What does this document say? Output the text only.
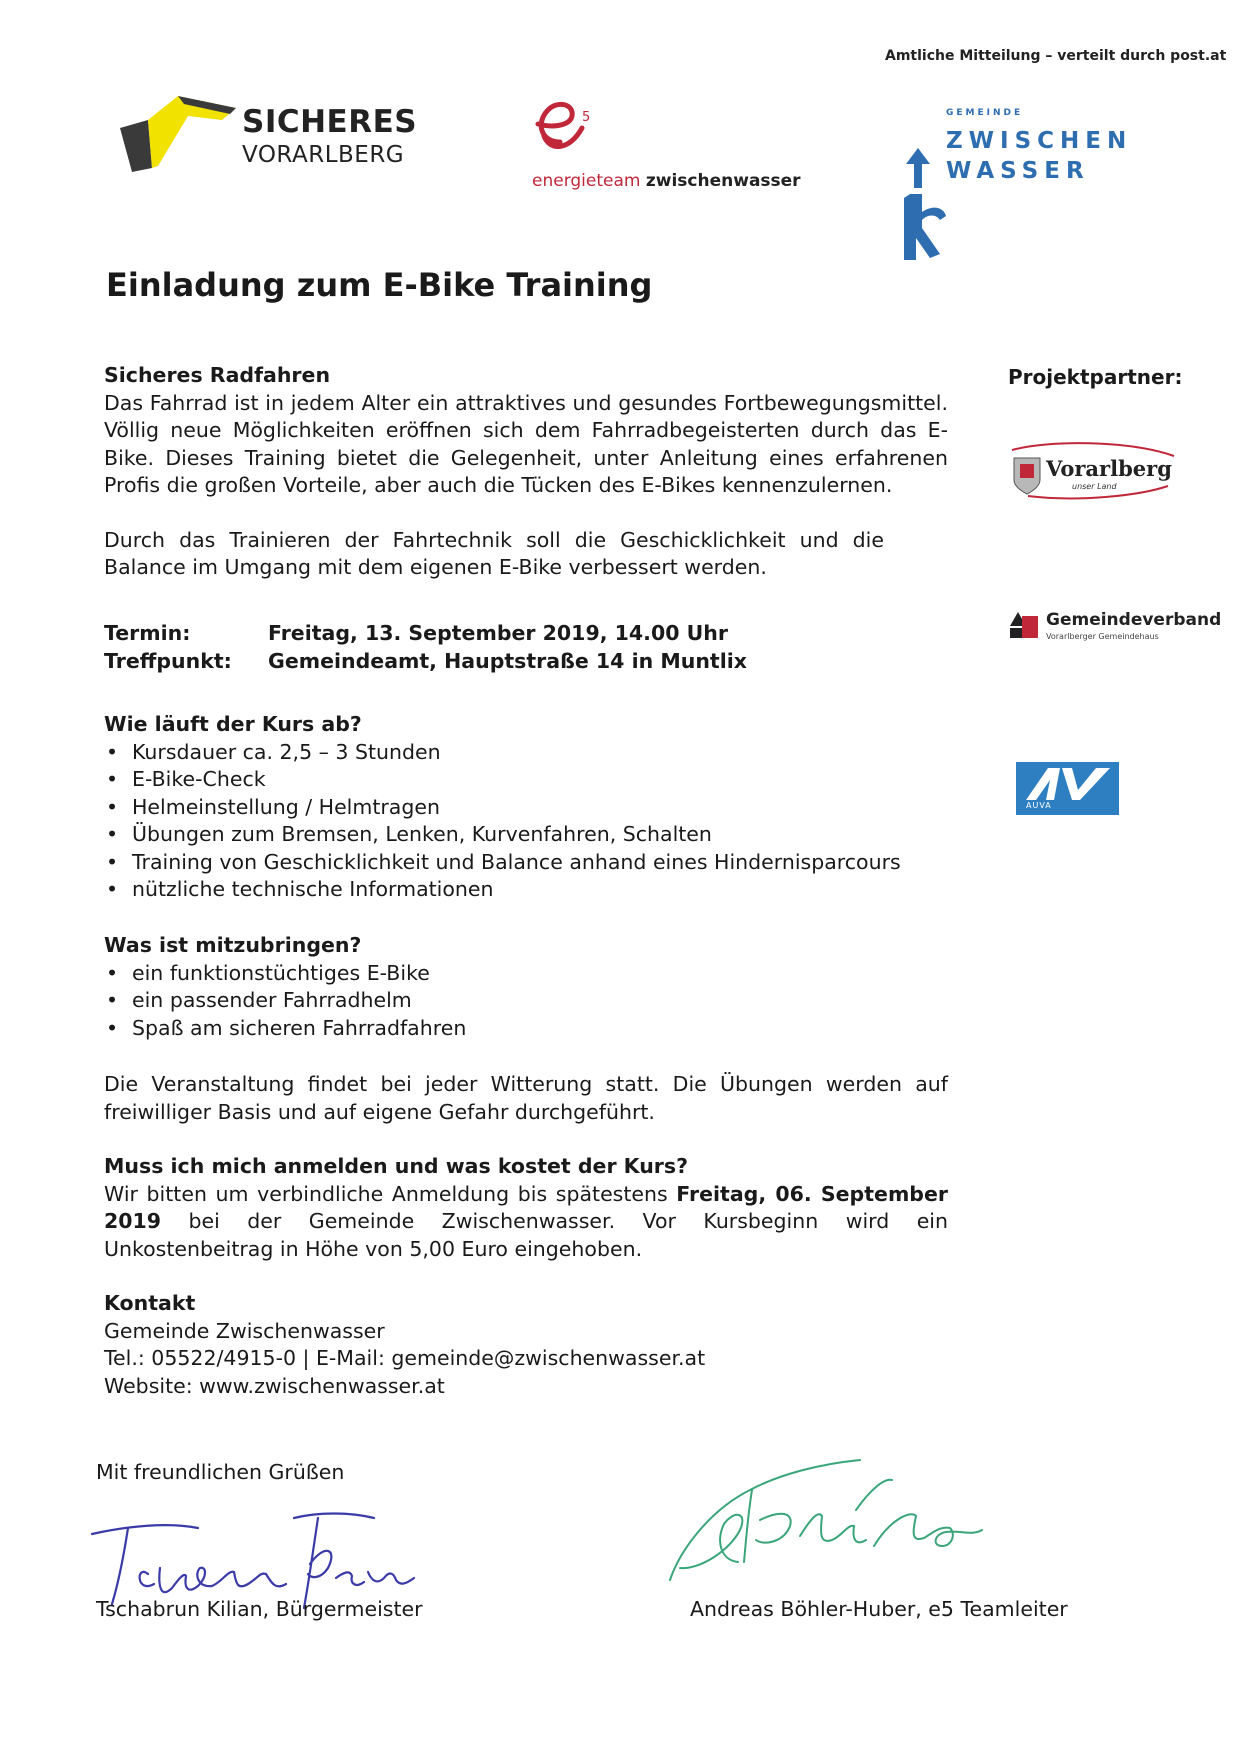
Amtliche Mitteilung – verteilt durch post.at
SICHERES
VORARLBERG
5
energieteam zwischenwasser
GEMEINDE
ZWISCHEN
WASSER
Einladung zum E-Bike Training
Projektpartner:
Vorarlberg
unser Land
Gemeindeverband
Vorarlberger Gemeindehaus
AUVA
Sicheres Radfahren

Das Fahrrad ist in jedem Alter ein attraktives und gesundes Fortbewegungsmittel. Völlig neue Möglichkeiten eröffnen sich dem Fahrradbegeisterten durch das E-Bike. Dieses Training bietet die Gelegenheit, unter Anleitung eines erfahrenen Profis die großen Vorteile, aber auch die Tücken des E-Bikes kennenzulernen.

Durch das Trainieren der Fahrtechnik soll die Geschicklichkeit und die Balance im Umgang mit dem eigenen E-Bike verbessert werden.

Termin:	Freitag, 13. September 2019, 14.00 Uhr
Treffpunkt:	Gemeindeamt, Hauptstraße 14 in Muntlix
Wie läuft der Kurs ab?
• Kursdauer ca. 2,5 – 3 Stunden
• E-Bike-Check
• Helmeinstellung / Helmtragen
• Übungen zum Bremsen, Lenken, Kurvenfahren, Schalten
• Training von Geschicklichkeit und Balance anhand eines Hindernisparcours
• nützliche technische Informationen
Was ist mitzubringen?
• ein funktionstüchtiges E-Bike
• ein passender Fahrradhelm
• Spaß am sicheren Fahrradfahren

Die Veranstaltung findet bei jeder Witterung statt. Die Übungen werden auf freiwilliger Basis und auf eigene Gefahr durchgeführt.

Muss ich mich anmelden und was kostet der Kurs?

Wir bitten um verbindliche Anmeldung bis spätestens Freitag, 06. September 2019 bei der Gemeinde Zwischenwasser. Vor Kursbeginn wird ein Unkostenbeitrag in Höhe von 5,00 Euro eingehoben.

Kontakt
Gemeinde Zwischenwasser
Tel.: 05522/4915-0 | E-Mail: gemeinde@zwischenwasser.at
Website: www.zwischenwasser.at
Mit freundlichen Grüßen
Tschabrun Kilian, Bürgermeister	Andreas Böhler-Huber, e5 Teamleiter
